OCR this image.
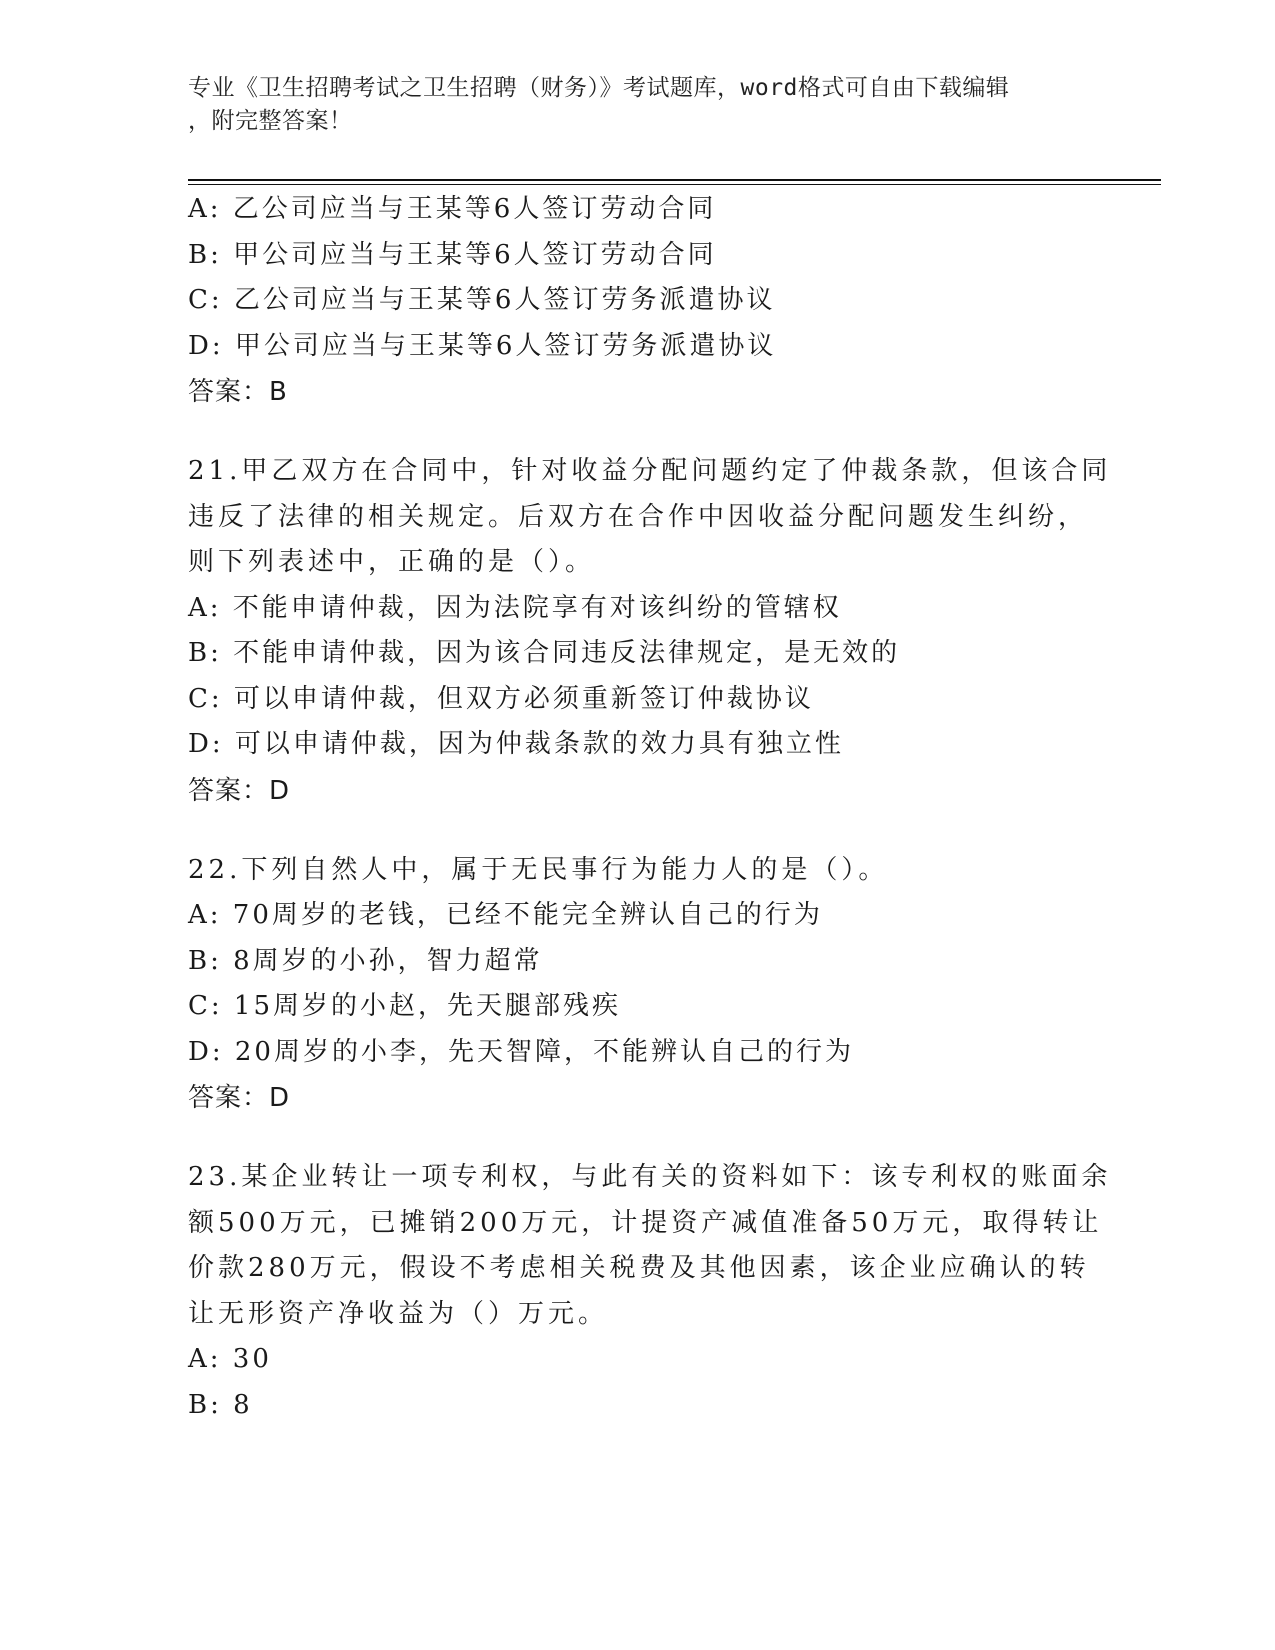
专业《卫生招聘考试之卫生招聘（财务）》考试题库，word格式可自由下载编辑
，附完整答案！
A: 乙公司应当与王某等6人签订劳动合同
B: 甲公司应当与王某等6人签订劳动合同
C: 乙公司应当与王某等6人签订劳务派遣协议
D: 甲公司应当与王某等6人签订劳务派遣协议
答案：B
21.甲乙双方在合同中，针对收益分配问题约定了仲裁条款，但该合同
违反了法律的相关规定。后双方在合作中因收益分配问题发生纠纷，
则下列表述中，正确的是（）。
A: 不能申请仲裁，因为法院享有对该纠纷的管辖权
B: 不能申请仲裁，因为该合同违反法律规定，是无效的
C: 可以申请仲裁，但双方必须重新签订仲裁协议
D: 可以申请仲裁，因为仲裁条款的效力具有独立性
答案：D
22.下列自然人中，属于无民事行为能力人的是（）。
A: 70周岁的老钱，已经不能完全辨认自己的行为
B: 8周岁的小孙，智力超常
C: 15周岁的小赵，先天腿部残疾
D: 20周岁的小李，先天智障，不能辨认自己的行为
答案：D
23.某企业转让一项专利权，与此有关的资料如下：该专利权的账面余
额500万元，已摊销200万元，计提资产减值准备50万元，取得转让
价款280万元，假设不考虑相关税费及其他因素，该企业应确认的转
让无形资产净收益为（）万元。
A: 30
B: 8
